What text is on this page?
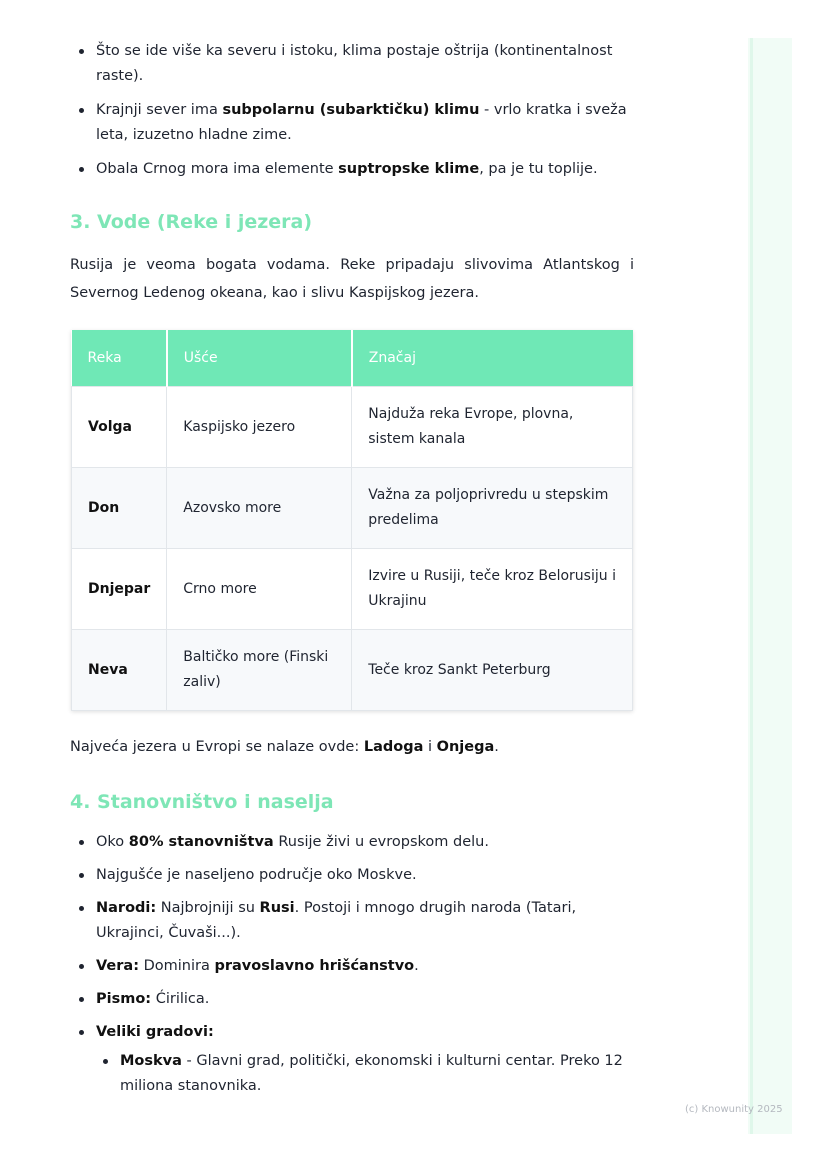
Što se ide više ka severu i istoku, klima postaje oštrija (kontinentalnost raste).
Krajnji sever ima subpolarnu (subarktičku) klimu - vrlo kratka i sveža leta, izuzetno hladne zime.
Obala Crnog mora ima elemente suptropske klime, pa je tu toplije.
3. Vode (Reke i jezera)
Rusija je veoma bogata vodama. Reke pripadaju slivovima Atlantskog i Severnog Ledenog okeana, kao i slivu Kaspijskog jezera.
Reka	Ušće	Značaj
Volga	Kaspijsko jezero	Najduža reka Evrope, plovna, sistem kanala
Don	Azovsko more	Važna za poljoprivredu u stepskim predelima
Dnjepar	Crno more	Izvire u Rusiji, teče kroz Belorusiju i Ukrajinu
Neva	Baltičko more (Finski zaliv)	Teče kroz Sankt Peterburg
Najveća jezera u Evropi se nalaze ovde: Ladoga i Onjega.
4. Stanovništvo i naselja
Oko 80% stanovništva Rusije živi u evropskom delu.
Najgušće je naseljeno područje oko Moskve.
Narodi: Najbrojniji su Rusi. Postoji i mnogo drugih naroda (Tatari, Ukrajinci, Čuvaši...).
Vera: Dominira pravoslavno hrišćanstvo.
Pismo: Ćirilica.
Veliki gradovi:
Moskva - Glavni grad, politički, ekonomski i kulturni centar. Preko 12 miliona stanovnika.
(c) Knowunity 2025
